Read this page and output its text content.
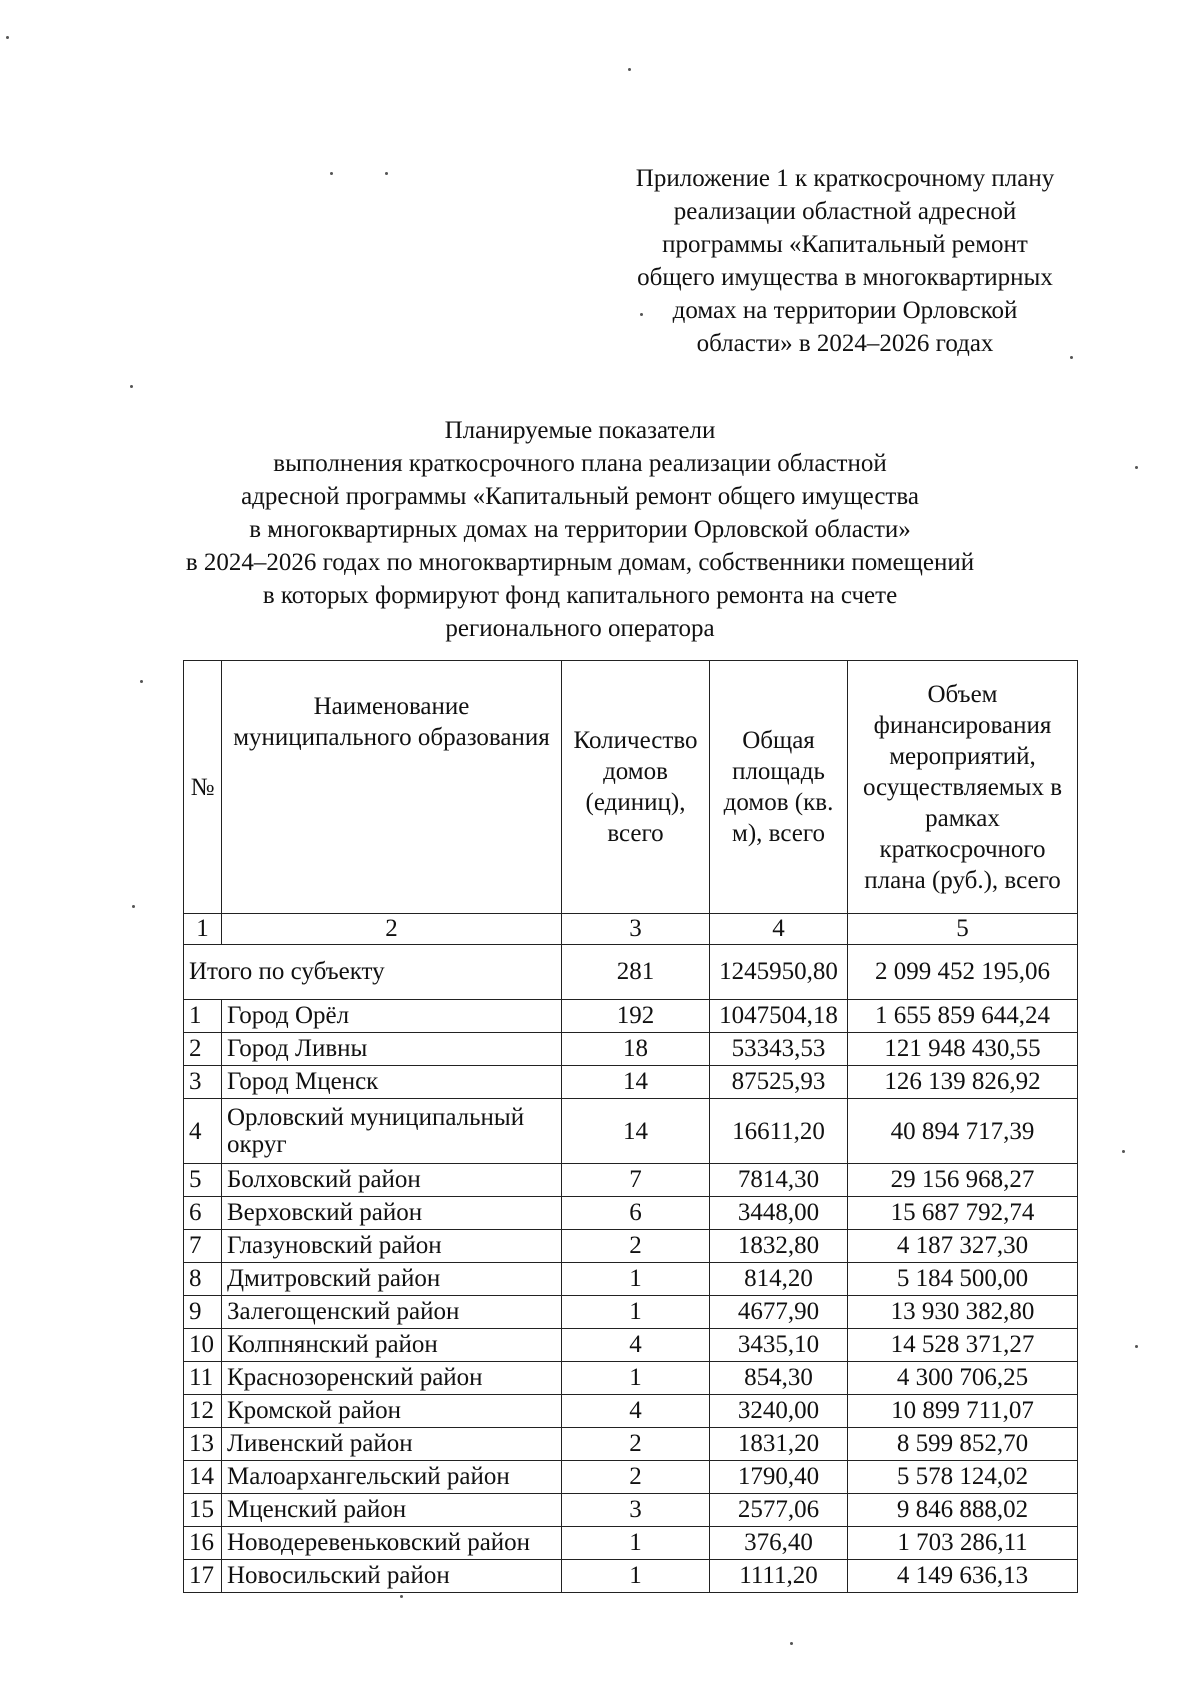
Приложение 1 к краткосрочному плану
реализации областной адресной
программы «Капитальный ремонт
общего имущества в многоквартирных
домах на территории Орловской
области» в 2024–2026 годах
Планируемые показатели
выполнения краткосрочного плана реализации областной
адресной программы «Капитальный ремонт общего имущества
в многоквартирных домах на территории Орловской области»
в 2024–2026 годах по многоквартирным домам, собственники помещений
в которых формируют фонд капитального ремонта на счете
регионального оператора
№	Наименование муниципального образования	Количество домов (единиц), всего	Общая площадь домов (кв. м), всего	Объем финансирования мероприятий, осуществляемых в рамках краткосрочного плана (руб.), всего
1	2	3	4	5
Итого по субъекту		281	1245950,80	2 099 452 195,06
1	Город Орёл	192	1047504,18	1 655 859 644,24
2	Город Ливны	18	53343,53	121 948 430,55
3	Город Мценск	14	87525,93	126 139 826,92
4	Орловский муниципальный округ	14	16611,20	40 894 717,39
5	Болховский район	7	7814,30	29 156 968,27
6	Верховский район	6	3448,00	15 687 792,74
7	Глазуновский район	2	1832,80	4 187 327,30
8	Дмитровский район	1	814,20	5 184 500,00
9	Залегощенский район	1	4677,90	13 930 382,80
10	Колпнянский район	4	3435,10	14 528 371,27
11	Краснозоренский район	1	854,30	4 300 706,25
12	Кромской район	4	3240,00	10 899 711,07
13	Ливенский район	2	1831,20	8 599 852,70
14	Малоархангельский район	2	1790,40	5 578 124,02
15	Мценский район	3	2577,06	9 846 888,02
16	Новодеревеньковский район	1	376,40	1 703 286,11
17	Новосильский район	1	1111,20	4 149 636,13
